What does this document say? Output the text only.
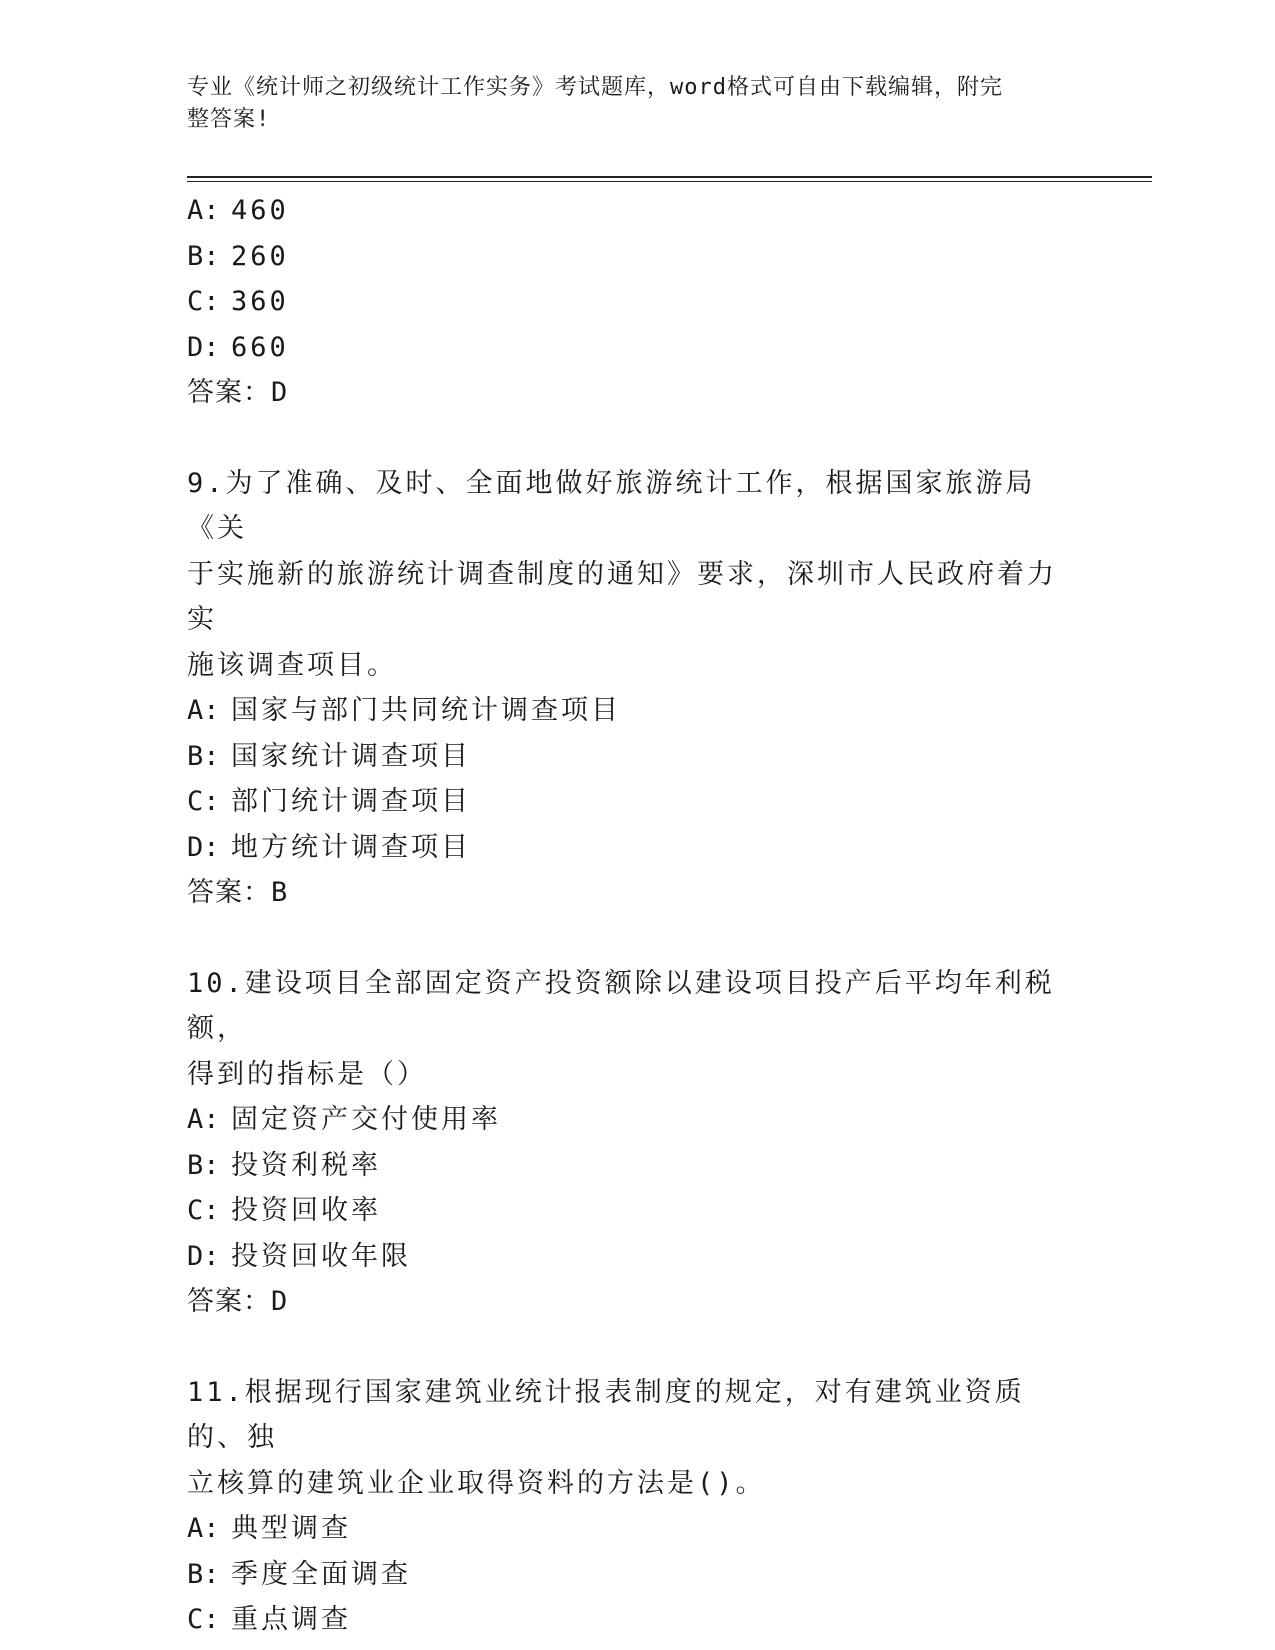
专业《统计师之初级统计工作实务》考试题库，word格式可自由下载编辑，附完
整答案!
A: 460
B: 260
C: 360
D: 660
答案：D
9.为了准确、及时、全面地做好旅游统计工作，根据国家旅游局《关
于实施新的旅游统计调查制度的通知》要求，深圳市人民政府着力实
施该调查项目。
A: 国家与部门共同统计调查项目
B: 国家统计调查项目
C: 部门统计调查项目
D: 地方统计调查项目
答案：B
10.建设项目全部固定资产投资额除以建设项目投产后平均年利税额，
得到的指标是（）
A: 固定资产交付使用率
B: 投资利税率
C: 投资回收率
D: 投资回收年限
答案：D
11.根据现行国家建筑业统计报表制度的规定，对有建筑业资质的、独
立核算的建筑业企业取得资料的方法是()。
A: 典型调查
B: 季度全面调查
C: 重点调查
